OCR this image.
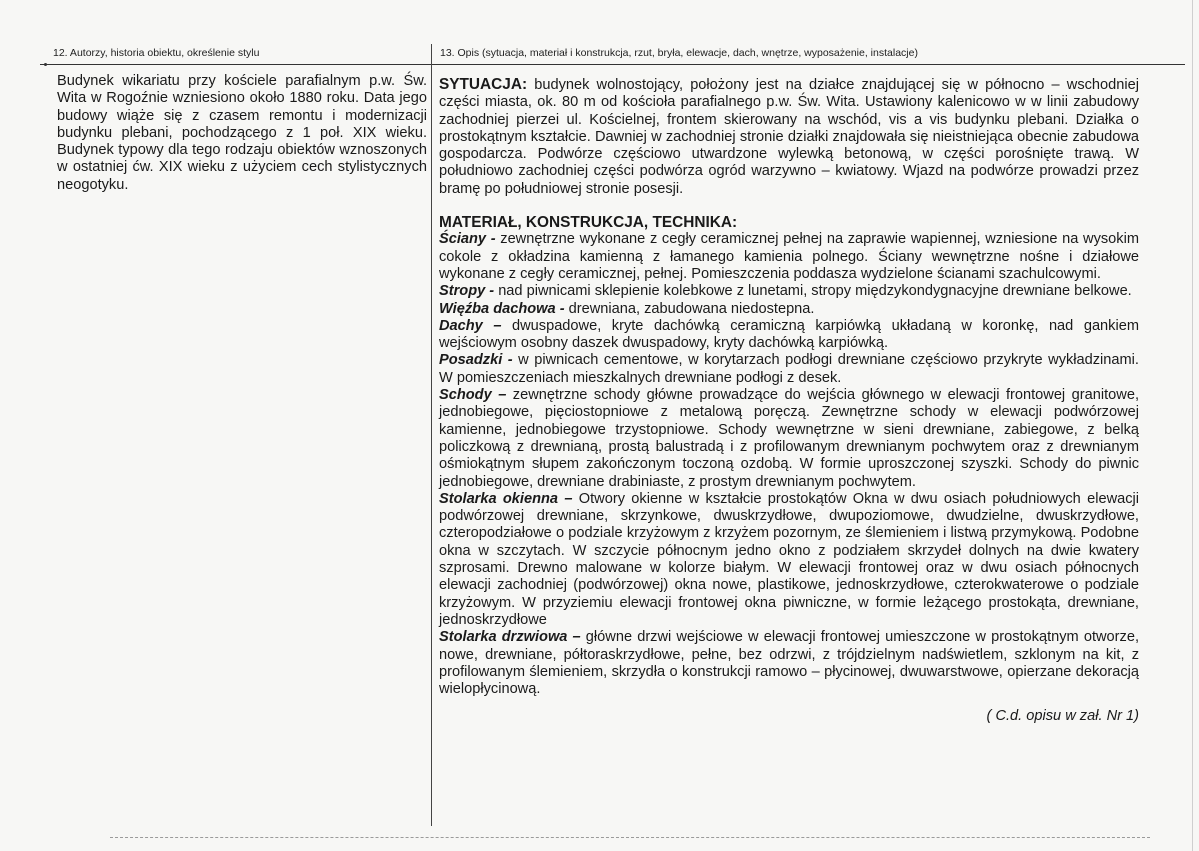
12. Autorzy, historia obiektu, określenie stylu	13. Opis (sytuacja, materiał i konstrukcja, rzut, bryła, elewacje, dach, wnętrze, wyposażenie, instalacje)
Budynek wikariatu przy kościele parafialnym p.w. Św. Wita w Rogoźnie wzniesiono około 1880 roku. Data jego budowy wiąże się z czasem remontu i modernizacji budynku plebani, pochodzącego z 1 poł. XIX wieku. Budynek typowy dla tego rodzaju obiektów wznoszonych w ostatniej ćw. XIX wieku z użyciem cech stylistycznych neogotyku.

SYTUACJA: budynek wolnostojący, położony jest na działce znajdującej się w północno – wschodniej części miasta, ok. 80 m od kościoła parafialnego p.w. Św. Wita. Ustawiony kalenicowo w w linii zabudowy zachodniej pierzei ul. Kościelnej, frontem skierowany na wschód, vis a vis budynku plebani. Działka o prostokątnym kształcie. Dawniej w zachodniej stronie działki znajdowała się nieistniejąca obecnie zabudowa gospodarcza. Podwórze częściowo utwardzone wylewką betonową, w części porośnięte trawą. W południowo zachodniej części podwórza ogród warzywno – kwiatowy. Wjazd na podwórze prowadzi przez bramę po południowej stronie posesji.

MATERIAŁ, KONSTRUKCJA, TECHNIKA:

Ściany - zewnętrzne wykonane z cegły ceramicznej pełnej na zaprawie wapiennej, wzniesione na wysokim cokole z okładzina kamienną z łamanego kamienia polnego. Ściany wewnętrzne nośne i działowe wykonane z cegły ceramicznej, pełnej. Pomieszczenia poddasza wydzielone ścianami szachulcowymi.

Stropy - nad piwnicami sklepienie kolebkowe z lunetami, stropy międzykondygnacyjne drewniane belkowe.

Więźba dachowa - drewniana, zabudowana niedostepna.

Dachy – dwuspadowe, kryte dachówką ceramiczną karpiówką układaną w koronkę, nad gankiem wejściowym osobny daszek dwuspadowy, kryty dachówką karpiówką.

Posadzki - w piwnicach cementowe, w korytarzach podłogi drewniane częściowo przykryte wykładzinami. W pomieszczeniach mieszkalnych drewniane podłogi z desek.

Schody – zewnętrzne schody główne prowadzące do wejścia głównego w elewacji frontowej granitowe, jednobiegowe, pięciostopniowe z metalową poręczą. Zewnętrzne schody w elewacji podwórzowej kamienne, jednobiegowe trzystopniowe. Schody wewnętrzne w sieni drewniane, zabiegowe, z belką policzkową z drewnianą, prostą balustradą i z profilowanym drewnianym pochwytem oraz z drewnianym ośmiokątnym słupem zakończonym toczoną ozdobą. W formie uproszczonej szyszki. Schody do piwnic jednobiegowe, drewniane drabiniaste, z prostym drewnianym pochwytem.

Stolarka okienna – Otwory okienne w kształcie prostokątów Okna w dwu osiach południowych elewacji podwórzowej drewniane, skrzynkowe, dwuskrzydłowe, dwupoziomowe, dwudzielne, dwuskrzydłowe, czteropodziałowe o podziale krzyżowym z krzyżem pozornym, ze ślemieniem i listwą przymykową. Podobne okna w szczytach. W szczycie północnym jedno okno z podziałem skrzydeł dolnych na dwie kwatery szprosami. Drewno malowane w kolorze białym. W elewacji frontowej oraz w dwu osiach północnych elewacji zachodniej (podwórzowej) okna nowe, plastikowe, jednoskrzydłowe, czterokwaterowe o podziale krzyżowym. W przyziemiu elewacji frontowej okna piwniczne, w formie leżącego prostokąta, drewniane, jednoskrzydłowe

Stolarka drzwiowa – główne drzwi wejściowe w elewacji frontowej umieszczone w prostokątnym otworze, nowe, drewniane, półtoraskrzydłowe, pełne, bez odrzwi, z trójdzielnym nadświetlem, szklonym na kit, z profilowanym ślemieniem, skrzydła o konstrukcji ramowo – płycinowej, dwuwarstwowe, opierzane dekoracją wielopłycinową.

( C.d. opisu w zał. Nr 1)
